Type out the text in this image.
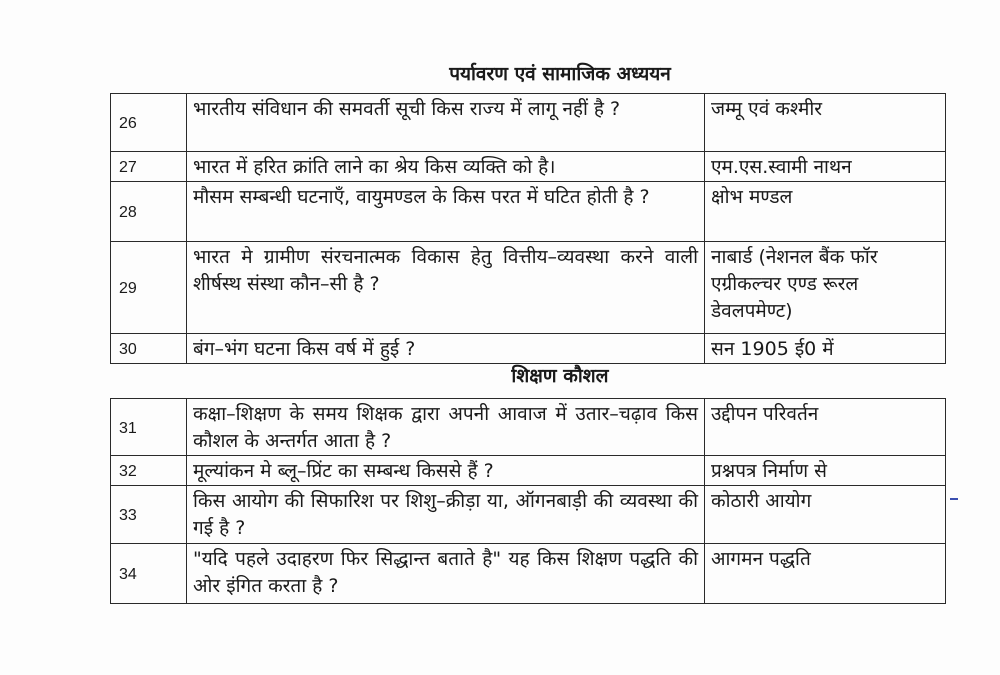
पर्यावरण एवं सामाजिक अध्ययन
26	भारतीय संविधान की समवर्ती सूची किस राज्य में लागू नहीं है ?	जम्मू एवं कश्मीर
27	भारत में हरित क्रांति लाने का श्रेय किस व्यक्ति को है।	एम.एस.स्वामी नाथन
28	मौसम सम्बन्धी घटनाएँ, वायुमण्डल के किस परत में घटित होती है ?	क्षोभ मण्डल
29	भारत मे ग्रामीण संरचनात्मक विकास हेतु वित्तीय–व्यवस्था करने वाली शीर्षस्थ संस्था कौन–सी है ?	नाबार्ड (नेशनल बैंक फॉर एग्रीकल्चर एण्ड रूरल डेवलपमेण्ट)
30	बंग–भंग घटना किस वर्ष में हुई ?	सन 1905 ई0 में
शिक्षण कौशल
31	कक्षा–शिक्षण के समय शिक्षक द्वारा अपनी आवाज में उतार–चढ़ाव किस कौशल के अन्तर्गत आता है ?	उद्दीपन परिवर्तन
32	मूल्यांकन मे ब्लू–प्रिंट का सम्बन्ध किससे हैं ?	प्रश्नपत्र निर्माण से
33	किस आयोग की सिफारिश पर शिशु–क्रीड़ा या, ऑगनबाड़ी की व्यवस्था की गई है ?	कोठारी आयोग
34	"यदि पहले उदाहरण फिर सिद्धान्त बताते है" यह किस शिक्षण पद्धति की ओर इंगित करता है ?	आगमन पद्धति
